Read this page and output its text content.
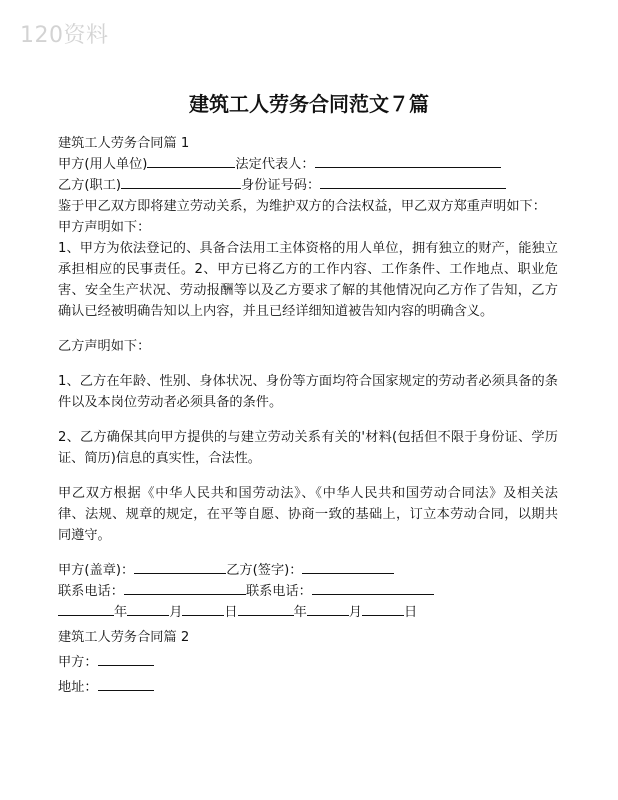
120资料
建筑工人劳务合同范文７篇
建筑工人劳务合同篇 1
甲方(用人单位)	法定代表人：
乙方(职工)	身份证号码：
鉴于甲乙双方即将建立劳动关系，为维护双方的合法权益，甲乙双方郑重声明如下：
甲方声明如下：
1、甲方为依法登记的、具备合法用工主体资格的用人单位，拥有独立的财产，能独立承担相应的民事责任。2、甲方已将乙方的工作内容、工作条件、工作地点、职业危害、安全生产状况、劳动报酬等以及乙方要求了解的其他情况向乙方作了告知，乙方确认已经被明确告知以上内容，并且已经详细知道被告知内容的明确含义。
乙方声明如下：
1、乙方在年龄、性别、身体状况、身份等方面均符合国家规定的劳动者必须具备的条件以及本岗位劳动者必须具备的条件。
2、乙方确保其向甲方提供的与建立劳动关系有关的'材料(包括但不限于身份证、学历证、简历)信息的真实性，合法性。
甲乙双方根据《中华人民共和国劳动法》、《中华人民共和国劳动合同法》及相关法律、法规、规章的规定，在平等自愿、协商一致的基础上，订立本劳动合同，以期共同遵守。
甲方(盖章)：	乙方(签字)：
联系电话：	联系电话：
年	月	日	年	月	日
建筑工人劳务合同篇 2
甲方：
地址：
